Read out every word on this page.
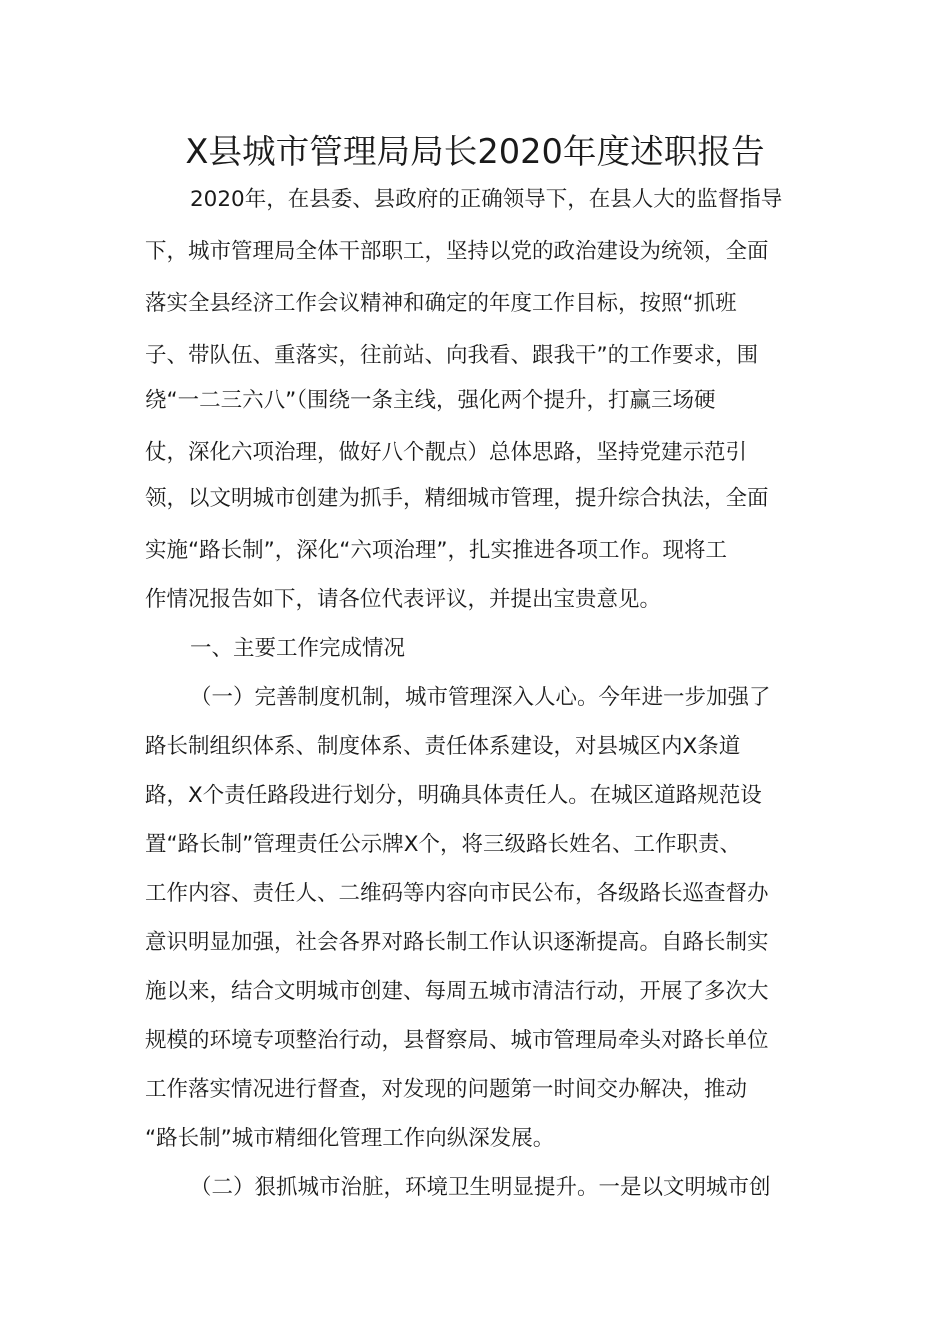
X县城市管理局局长2020年度述职报告
2020年，在县委、县政府的正确领导下，在县人大的监督指导
下，城市管理局全体干部职工，坚持以党的政治建设为统领，全面
落实全县经济工作会议精神和确定的年度工作目标，按照“抓班
子、带队伍、重落实，往前站、向我看、跟我干”的工作要求，围
绕“一二三六八”（围绕一条主线，强化两个提升，打赢三场硬
仗，深化六项治理，做好八个靓点）总体思路，坚持党建示范引
领，以文明城市创建为抓手，精细城市管理，提升综合执法，全面
实施“路长制”，深化“六项治理”，扎实推进各项工作。现将工
作情况报告如下，请各位代表评议，并提出宝贵意见。
一、主要工作完成情况
（一）完善制度机制，城市管理深入人心。今年进一步加强了
路长制组织体系、制度体系、责任体系建设，对县城区内X条道
路，X个责任路段进行划分，明确具体责任人。在城区道路规范设
置“路长制”管理责任公示牌X个，将三级路长姓名、工作职责、
工作内容、责任人、二维码等内容向市民公布，各级路长巡查督办
意识明显加强，社会各界对路长制工作认识逐渐提高。自路长制实
施以来，结合文明城市创建、每周五城市清洁行动，开展了多次大
规模的环境专项整治行动，县督察局、城市管理局牵头对路长单位
工作落实情况进行督查，对发现的问题第一时间交办解决，推动
“路长制”城市精细化管理工作向纵深发展。
（二）狠抓城市治脏，环境卫生明显提升。一是以文明城市创
